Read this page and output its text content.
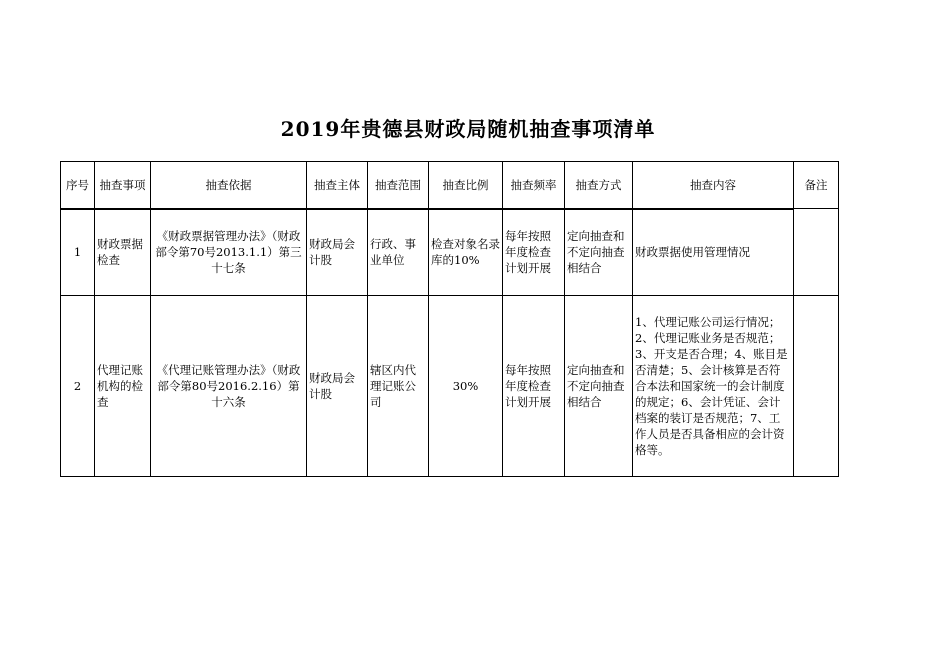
2019年贵德县财政局随机抽查事项清单
序号	抽查事项	抽查依据	抽查主体	抽查范围	抽查比例	抽查频率	抽查方式	抽查内容	备注
1	财政票据检查	《财政票据管理办法》（财政部令第70号2013.1.1）第三十七条	财政局会计股	行政、事业单位	检查对象名录库的10%	每年按照年度检查计划开展	定向抽查和不定向抽查相结合	财政票据使用管理情况	
2	代理记账机构的检查	《代理记账管理办法》（财政部令第80号2016.2.16）第十六条	财政局会计股	辖区内代理记账公司	30%	每年按照年度检查计划开展	定向抽查和不定向抽查相结合	1、代理记账公司运行情况；2、代理记账业务是否规范；3、开支是否合理；4、账目是否清楚；5、会计核算是否符合本法和国家统一的会计制度的规定；6、会计凭证、会计档案的装订是否规范；7、工作人员是否具备相应的会计资格等。	
